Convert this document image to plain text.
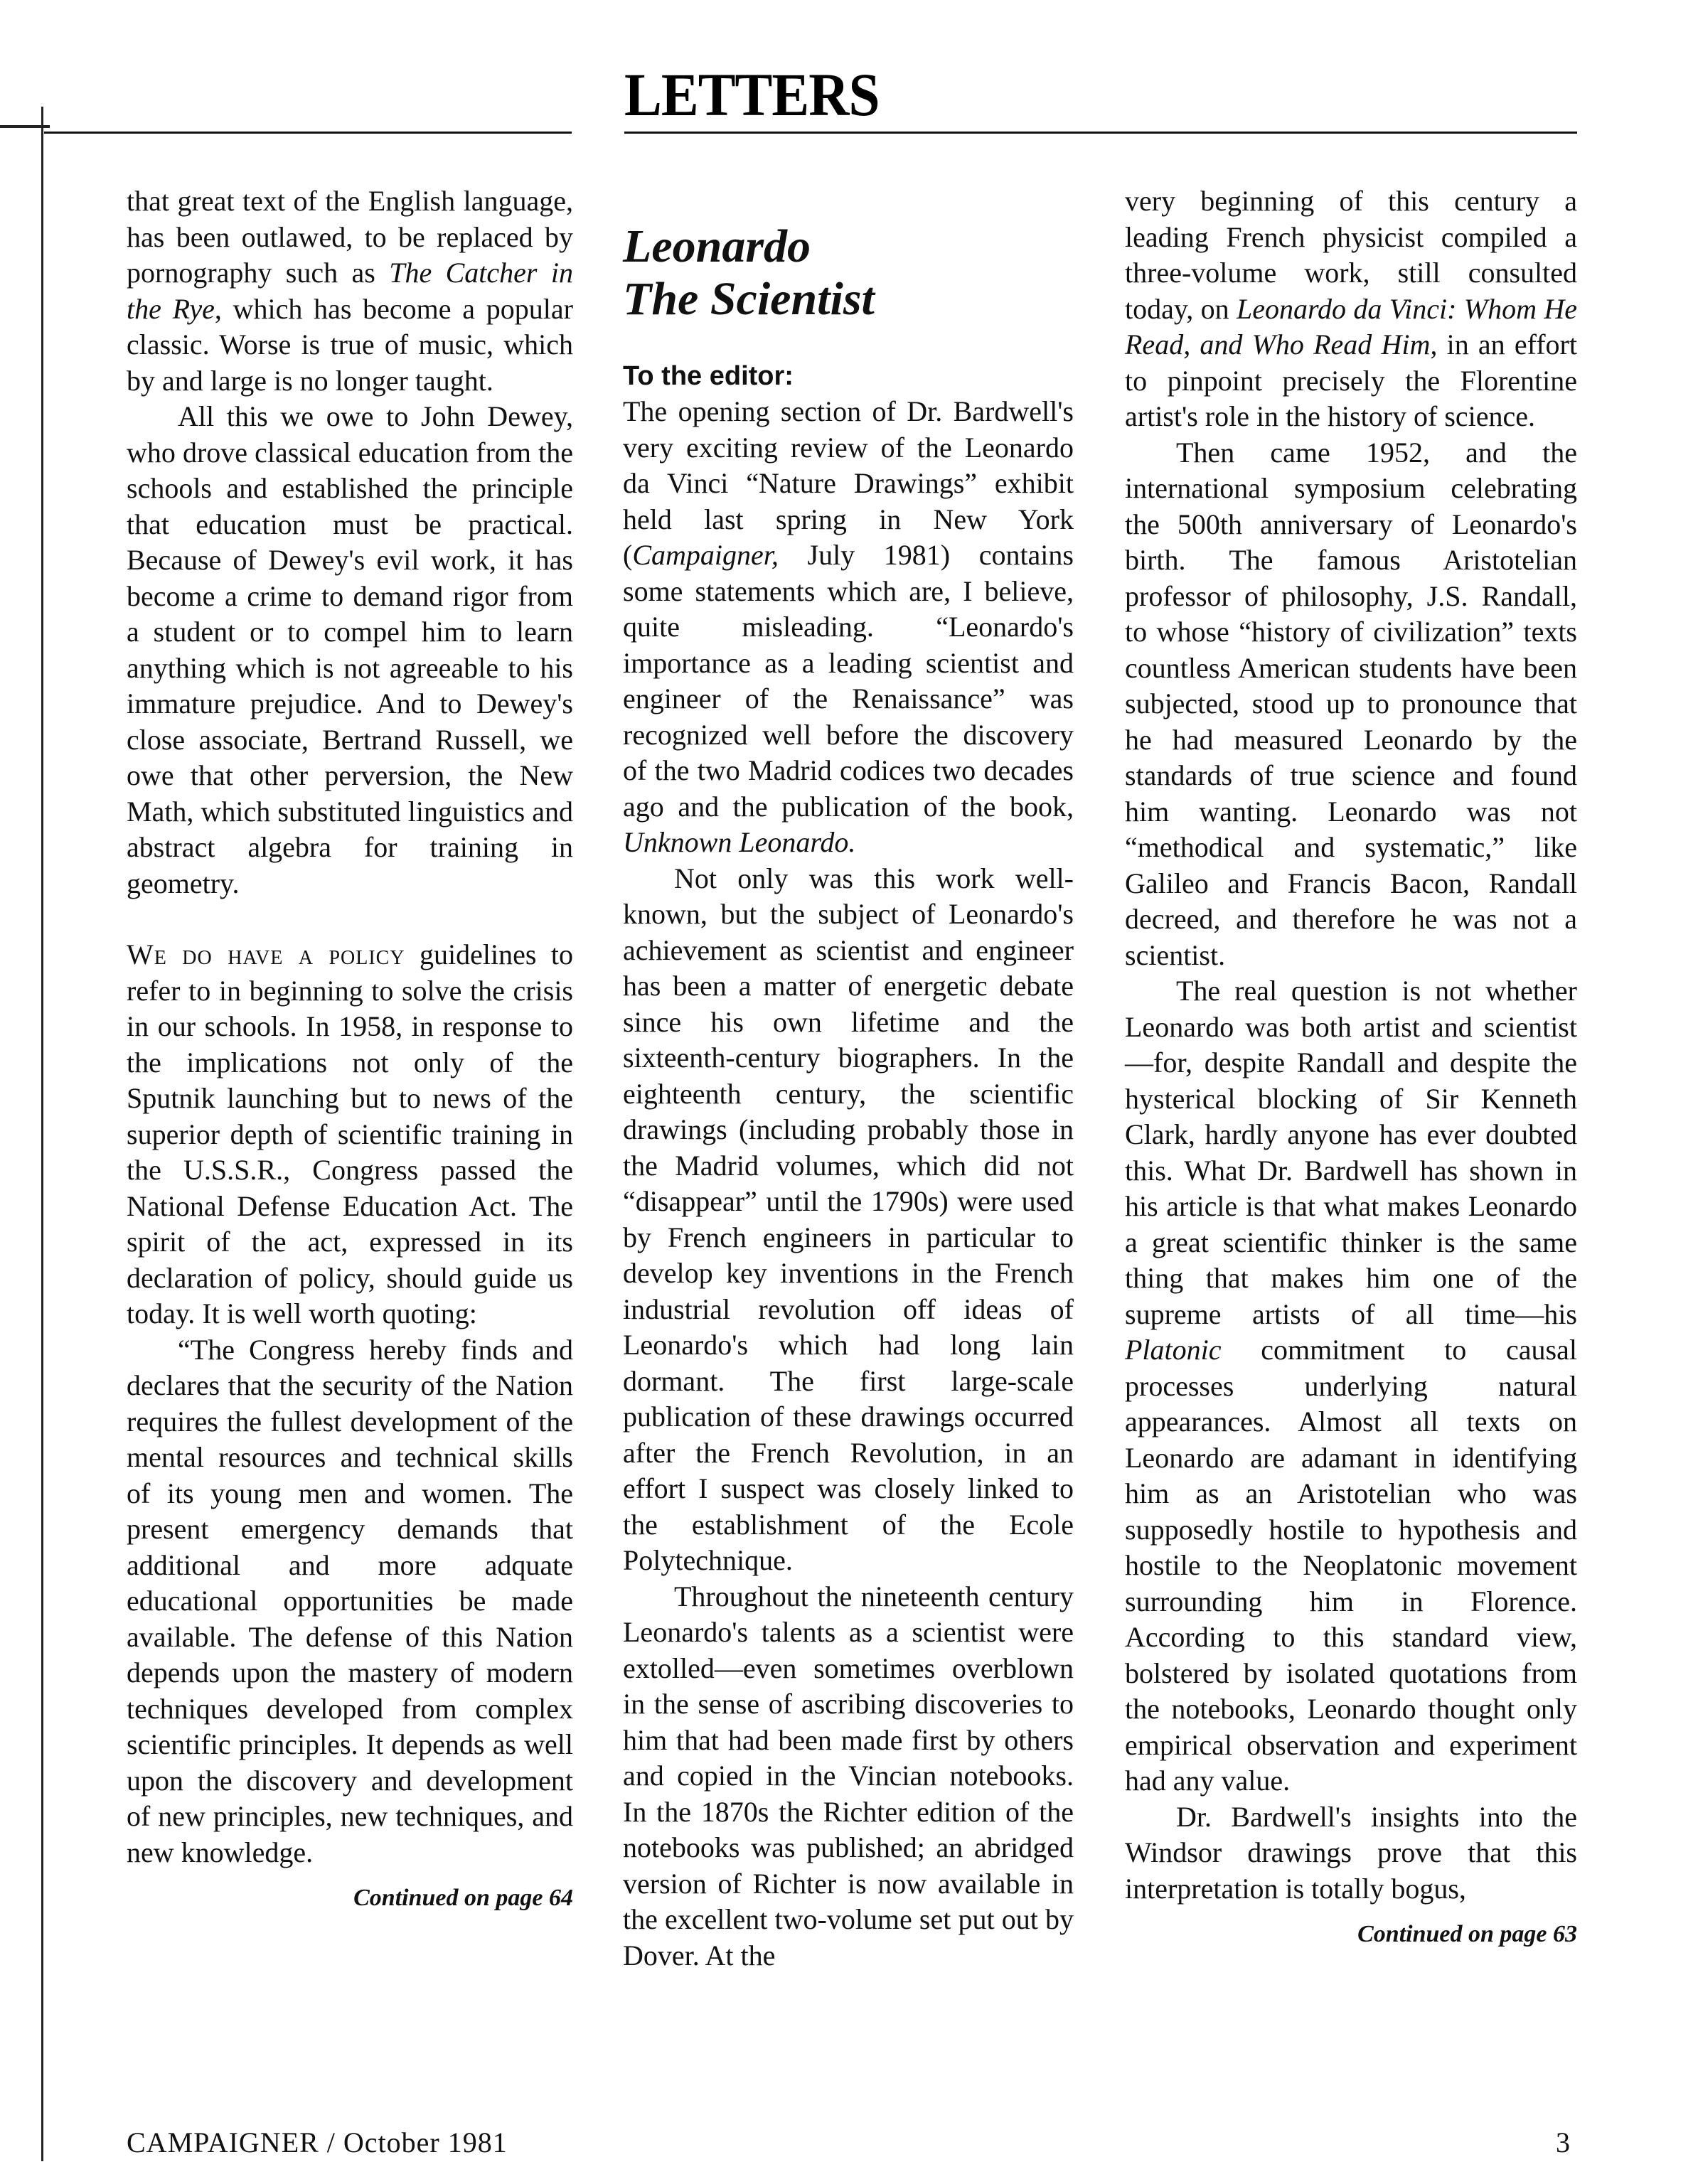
LETTERS

that great text of the English language, has been outlawed, to be replaced by pornography such as The Catcher in the Rye, which has become a popular classic. Worse is true of music, which by and large is no longer taught.

All this we owe to John Dewey, who drove classical education from the schools and established the principle that education must be practical. Because of Dewey's evil work, it has become a crime to demand rigor from a student or to compel him to learn anything which is not agreeable to his immature prejudice. And to Dewey's close associate, Bertrand Russell, we owe that other perversion, the New Math, which substituted linguistics and abstract algebra for training in geometry.

We do have a policy guidelines to refer to in beginning to solve the crisis in our schools. In 1958, in response to the implications not only of the Sputnik launching but to news of the superior depth of scientific training in the U.S.S.R., Congress passed the National Defense Education Act. The spirit of the act, expressed in its declaration of policy, should guide us today. It is well worth quoting:

“The Congress hereby finds and declares that the security of the Nation requires the fullest development of the mental resources and technical skills of its young men and women. The present emergency demands that additional and more adquate educational opportunities be made available. The defense of this Nation depends upon the mastery of modern techniques developed from complex scientific principles. It depends as well upon the discovery and development of new principles, new techniques, and new knowledge.

Continued on page 64
Leonardo
The Scientist
To the editor:

The opening section of Dr. Bardwell's very exciting review of the Leonardo da Vinci “Nature Drawings” exhibit held last spring in New York (Campaigner, July 1981) contains some statements which are, I believe, quite misleading. “Leonardo's importance as a leading scientist and engineer of the Renaissance” was recognized well before the discovery of the two Madrid codices two decades ago and the publication of the book, Unknown Leonardo.

Not only was this work well-known, but the subject of Leonardo's achievement as scientist and engineer has been a matter of energetic debate since his own lifetime and the sixteenth-century biographers. In the eighteenth century, the scientific drawings (including probably those in the Madrid volumes, which did not “disappear” until the 1790s) were used by French engineers in particular to develop key inventions in the French industrial revolution off ideas of Leonardo's which had long lain dormant. The first large-scale publication of these drawings occurred after the French Revolution, in an effort I suspect was closely linked to the establishment of the Ecole Polytechnique.

Throughout the nineteenth century Leonardo's talents as a scientist were extolled—even sometimes overblown in the sense of ascribing discoveries to him that had been made first by others and copied in the Vincian notebooks. In the 1870s the Richter edition of the notebooks was published; an abridged version of Richter is now available in the excellent two-volume set put out by Dover. At the

very beginning of this century a leading French physicist compiled a three-volume work, still consulted today, on Leonardo da Vinci: Whom He Read, and Who Read Him, in an effort to pinpoint precisely the Florentine artist's role in the history of science.

Then came 1952, and the international symposium celebrating the 500th anniversary of Leonardo's birth. The famous Aristotelian professor of philosophy, J.S. Randall, to whose “history of civilization” texts countless American students have been subjected, stood up to pronounce that he had measured Leonardo by the standards of true science and found him wanting. Leonardo was not “methodical and systematic,” like Galileo and Francis Bacon, Randall decreed, and therefore he was not a scientist.

The real question is not whether Leonardo was both artist and scientist—for, despite Randall and despite the hysterical blocking of Sir Kenneth Clark, hardly anyone has ever doubted this. What Dr. Bardwell has shown in his article is that what makes Leonardo a great scientific thinker is the same thing that makes him one of the supreme artists of all time—his Platonic commitment to causal processes underlying natural appearances. Almost all texts on Leonardo are adamant in identifying him as an Aristotelian who was supposedly hostile to hypothesis and hostile to the Neoplatonic movement surrounding him in Florence. According to this standard view, bolstered by isolated quotations from the notebooks, Leonardo thought only empirical observation and experiment had any value.

Dr. Bardwell's insights into the Windsor drawings prove that this interpretation is totally bogus,

Continued on page 63
CAMPAIGNER / October 1981	3
